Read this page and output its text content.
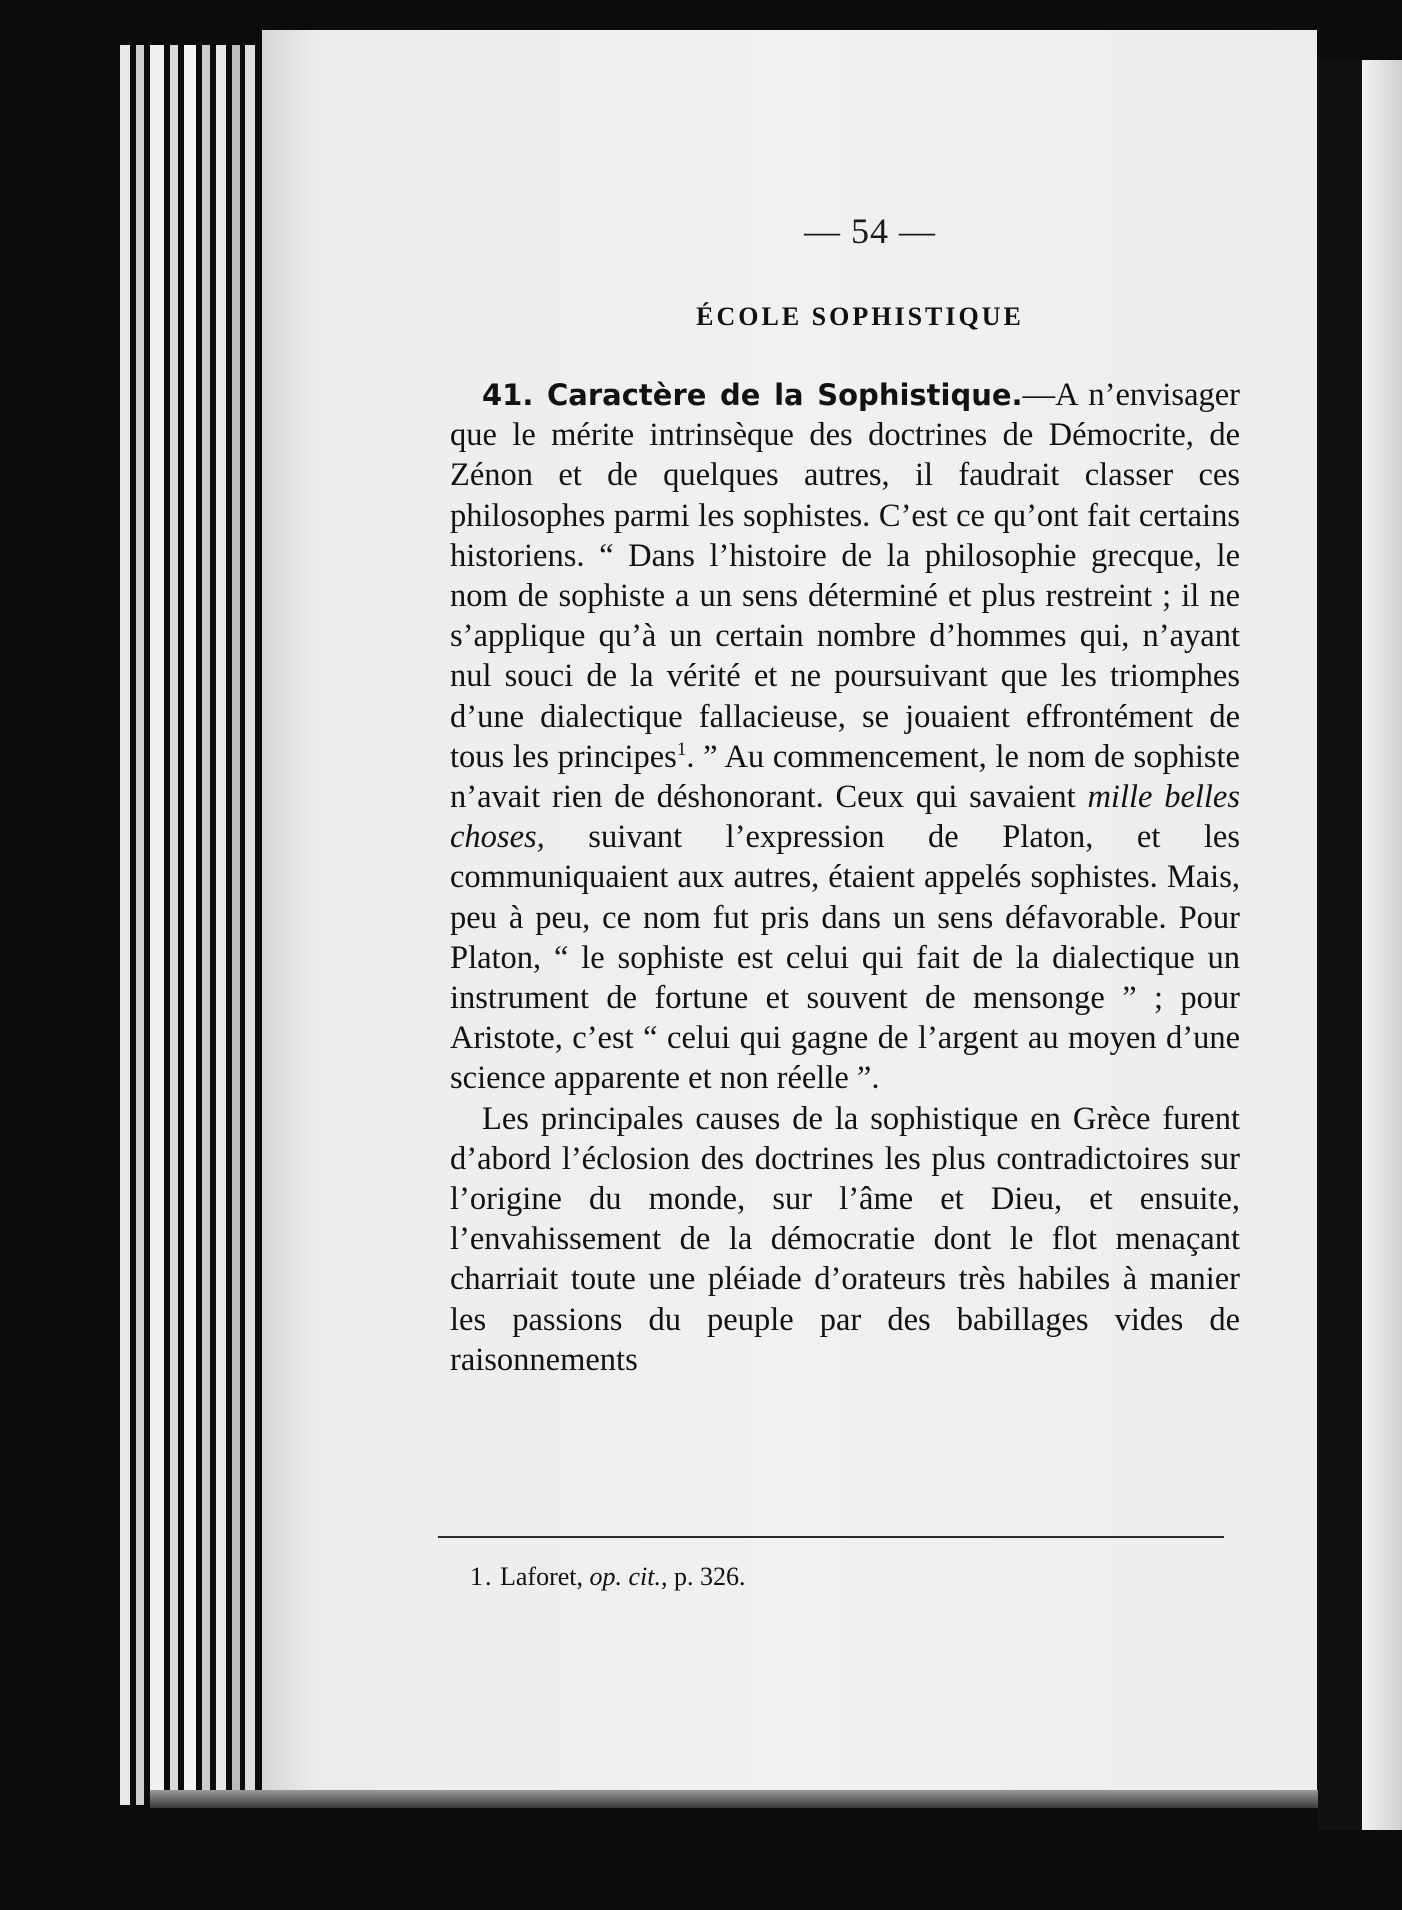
— 54 —
ÉCOLE SOPHISTIQUE

41. Caractère de la Sophistique.—A n’envisager que le mérite intrinsèque des doctrines de Démocrite, de Zénon et de quelques autres, il faudrait classer ces philosophes parmi les sophistes. C’est ce qu’ont fait certains historiens. “ Dans l’histoire de la philosophie grecque, le nom de sophiste a un sens déterminé et plus restreint ; il ne s’applique qu’à un certain nombre d’hommes qui, n’ayant nul souci de la vérité et ne poursuivant que les triomphes d’une dialectique fallacieuse, se jouaient effrontément de tous les principes$^1$. ” Au commencement, le nom de sophiste n’avait rien de déshonorant. Ceux qui savaient mille belles choses, suivant l’expression de Platon, et les communiquaient aux autres, étaient appelés sophistes. Mais, peu à peu, ce nom fut pris dans un sens défavorable. Pour Platon, “ le sophiste est celui qui fait de la dialectique un instrument de fortune et souvent de mensonge ” ; pour Aristote, c’est “ celui qui gagne de l’argent au moyen d’une science apparente et non réelle ”.

Les principales causes de la sophistique en Grèce furent d’abord l’éclosion des doctrines les plus contradictoires sur l’origine du monde, sur l’âme et Dieu, et ensuite, l’envahissement de la démocratie dont le flot menaçant charriait toute une pléiade d’orateurs très habiles à manier les passions du peuple par des babillages vides de raisonnements

1. Laforet, op. cit., p. 326.
